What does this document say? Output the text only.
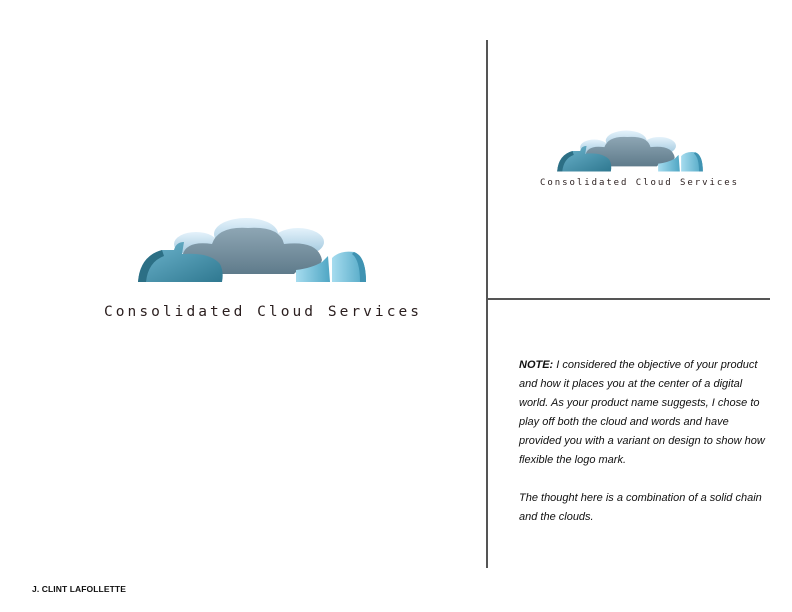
Consolidated Cloud Services
Consolidated Cloud Services

NOTE: I considered the objective of your product and how it places you at the center of a digital world. As your product name suggests, I chose to play off both the cloud and words and have provided you with a variant on design to show how flexible the logo mark.

The thought here is a combination of a solid chain and the clouds.

J. CLINT LAFOLLETTE
